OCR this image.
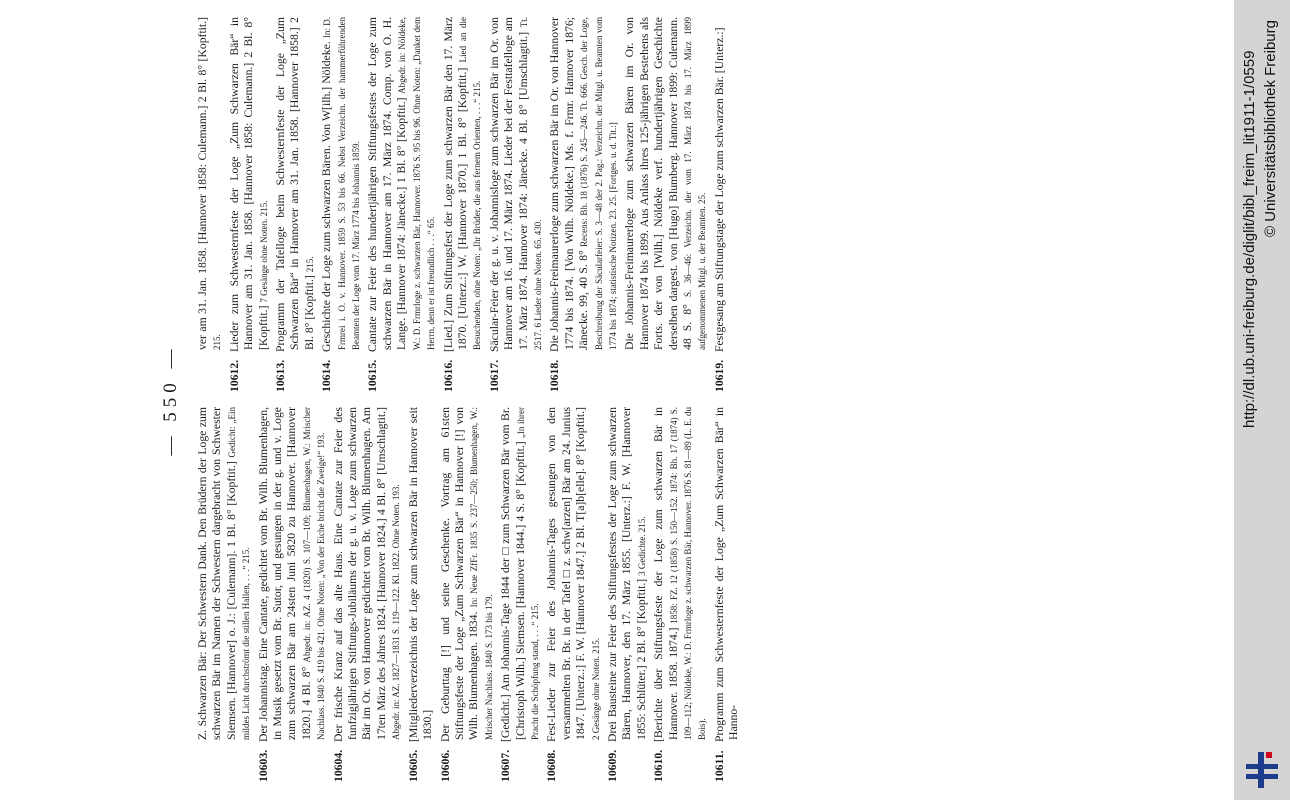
— 550 —

Z. Schwarzen Bär: Der Schwestern Dank. Den Brüdern der Loge zum schwarzen Bär im Namen der Schwestern dargebracht von Schwester Siemsen. [Hannover] o. J.: [Culemann]. 1 Bl. 8° [Kopftit.] Gedicht: „Ein mildes Licht durchströmt die stillen Hallen, . . .“ 215.

10603.Der Johannistag. Eine Cantate, gedichtet vom Br. Wilh. Blumenhagen, in Musik gesetzt vom Br. Sutor, und gesungen in der g. und v. Loge zum schwarzen Bär am 24sten Juni 5820 zu Hannover. [Hannover 1820.] 4 Bl. 8° Abgedr. in: AZ. 4 (1820) S. 107—109; Blumenhagen, W.: Mrischer Nachlass. 1840 S. 419 bis 421. Ohne Noten: „Von der Eiche bricht die Zweige!“ 193.

10604.Der frische Kranz auf das alte Haus. Eine Cantate zur Feier des funfzigjährigen Stiftungs-Jubiläums der g. u. v. Loge zum schwarzen Bär im Or. von Hannover gedichtet vom Br. Wilh. Blumenhagen. Am 17ten März des Jahres 1824. [Hannover 1824.] 4 Bl. 8° [Umschlagtit.] Abgedr. in: AZ. 1827—1831 S. 119—122. Kl. 1822. Ohne Noten. 193.

10605.[Mitgliederverzeichnis der Loge zum schwarzen Bär in Hannover seit 1830.]

10606.Der Geburttag [!] und seine Geschenke. Vortrag am 61sten Stiftungsfeste der Loge „Zum Schwarzen Bär“ in Hannover [!] von Wilh. Blumenhagen. 1834. In: Neue ZfFr. 1835 S. 237—250; Blumenhagen, W.: Mrischer Nachlass. 1840 S. 173 bis 179.

10607.[Gedicht.] Am Johannis-Tage 1844 der □ zum Schwarzen Bär vom Br. [Christoph Wilh.] Siemsen. [Hannover 1844.] 4 S. 8° [Kopftit.] „In ihrer Pracht die Schöpfung stand, . . .“ 215.

10608.Fest-Lieder zur Feier des Johannis-Tages gesungen von den versammelten Br. Br. in der Tafel □ z. schw[arzen] Bär am 24. Junius 1847. [Unterz.:] F. W. [Hannover 1847.] 2 Bl. T[a]b[elle]. 8° [Kopftit.] 2 Gesänge ohne Noten. 215.

10609.Drei Bausteine zur Feier des Stiftungsfestes der Loge zum schwarzen Bären, Hannover, den 17. März 1855. [Unterz.:] F. W. [Hannover 1855: Schlüter.] 2 Bl. 8° [Kopftit.] 3 Gedichte. 215.

10610.[Berichte über Stiftungsfeste der Loge zum schwarzen Bär in Hannover. 1858. 1874.] 1858: FZ. 12 (1858) S. 150—152. 1874: Bh. 17 (1874) S. 109—112; Nöldeke, W.: D. Frmrloge z. schwarzen Bär, Hannover. 1876 S. 81—89 (L. E. du Bois).

10611.Programm zum Schwesternfeste der Loge „Zum Schwarzen Bär“ in Hanno-

ver am 31. Jan. 1858. [Hannover 1858: Culemann.] 2 Bl. 8° [Kopftit.] 215.

10612.Lieder zum Schwesternfeste der Loge „Zum Schwarzen Bär“ in Hannover am 31. Jan. 1858. [Hannover 1858: Culemann.] 2 Bl. 8° [Kopftit.] 7 Gesänge ohne Noten. 215.

10613.Programm der Tafelloge beim Schwesternfeste der Loge „Zum Schwarzen Bär“ in Hannover am 31. Jan. 1858. [Hannover 1858.] 2 Bl. 8° [Kopftit.] 215.

10614.Geschichte der Loge zum schwarzen Bären. Von W[ilh.] Nöldeke. In: D. Frmrei i. O. v. Hannover. 1859 S. 53 bis 66. Nebst Verzeichn. der hammerführenden Beamten der Loge vom 17. März 1774 bis Johannis 1859.

10615.Cantate zur Feier des hundertjährigen Stiftungsfestes der Loge zum schwarzen Bär in Hannover am 17. März 1874. Comp. von O. H. Lange. [Hannover 1874: Jänecke.] 1 Bl. 8° [Kopftit.] Abgedr. in: Nöldeke, W.: D. Frmrloge z. schwarzen Bär, Hannover. 1876 S. 95 bis 96. Ohne Noten: „Danket dem Herrn, denn er ist freundlich . . .“ 65.

10616.[Lied.] Zum Stiftungsfest der Loge zum schwarzen Bär den 17. März 1870. [Unterz.:] W. [Hannover 1870.] 1 Bl. 8° [Kopftit.] Lied an die Besuchenden, ohne Noten: „Ihr Brüder, die aus fernem Orienten, . . .“ 215.

10617.Säcular-Feier der g. u. v. Johannisloge zum schwarzen Bär im Or. von Hannover am 16. und 17. März 1874. Lieder bei der Festtafelloge am 17. März 1874. Hannover 1874: Jänecke. 4 Bl. 8° [Umschlagtit.] Tt. 2517. 6 Lieder ohne Noten. 65. 430.

10618.Die Johannis-Freimaurerloge zum schwarzen Bär im Or. von Hannover 1774 bis 1874. [Von Wilh. Nöldeke.] Ms. f. Frmr. Hannover 1876; Jänecke. 99, 40 S. 8° Recens: Bh. 18 (1876) S. 245—246. Tt. 666. Gesch. der Loge, Beschreibung der Säcularfeier: S. 3—48 der 2. Pag.: Verzeichn. der Mitgl. u. Beamten vom 1774 bis 1874; statistische Notizen. 23. 25. [Fortges. u. d. Tit.:] Die Johannis-Freimaurerloge zum schwarzen Bären im Or. von Hannover 1874 bis 1899. Aus Anlass ihres 125-jährigen Bestehens als Forts. der von [Wilh.] Nöldeke verf. hundertjährigen Geschichte derselben dargest. von [Hugo] Blumberg. Hannover 1899: Culemann. 48 S. 8° S. 36—46: Verzeichn. der vom 17. März 1874 bis 17. März 1899 aufgenommenen Mitgl. u. der Beamten. 25.

10619.Festgesang am Stiftungstage der Loge zum schwarzen Bär. [Unterz.:]	http://dl.ub.uni-freiburg.de/diglit/bibl_freim_lit1911-1/0559 © Universitätsbibliothek Freiburg
